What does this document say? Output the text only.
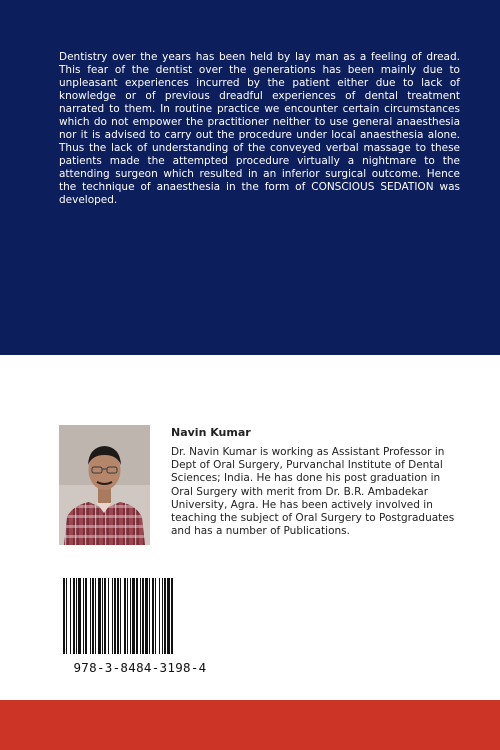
Dentistry over the years has been held by lay man as a feeling of dread. This fear of the dentist over the generations has been mainly due to unpleasant experiences incurred by the patient either due to lack of knowledge or of previous dreadful experiences of dental treatment narrated to them. In routine practice we encounter certain circumstances which do not empower the practitioner neither to use general anaesthesia nor it is advised to carry out the procedure under local anaesthesia alone. Thus the lack of understanding of the conveyed verbal massage to these patients made the attempted procedure virtually a nightmare to the attending surgeon which resulted in an inferior surgical outcome. Hence the technique of anaesthesia in the form of CONSCIOUS SEDATION was developed.

Navin Kumar

Dr. Navin Kumar is working as Assistant Professor in Dept of Oral Surgery, Purvanchal Institute of Dental Sciences; India. He has done his post graduation in Oral Surgery with merit from Dr. B.R. Ambadekar University, Agra. He has been actively involved in teaching the subject of Oral Surgery to Postgraduates and has a number of Publications.

978-3-8484-3198-4
